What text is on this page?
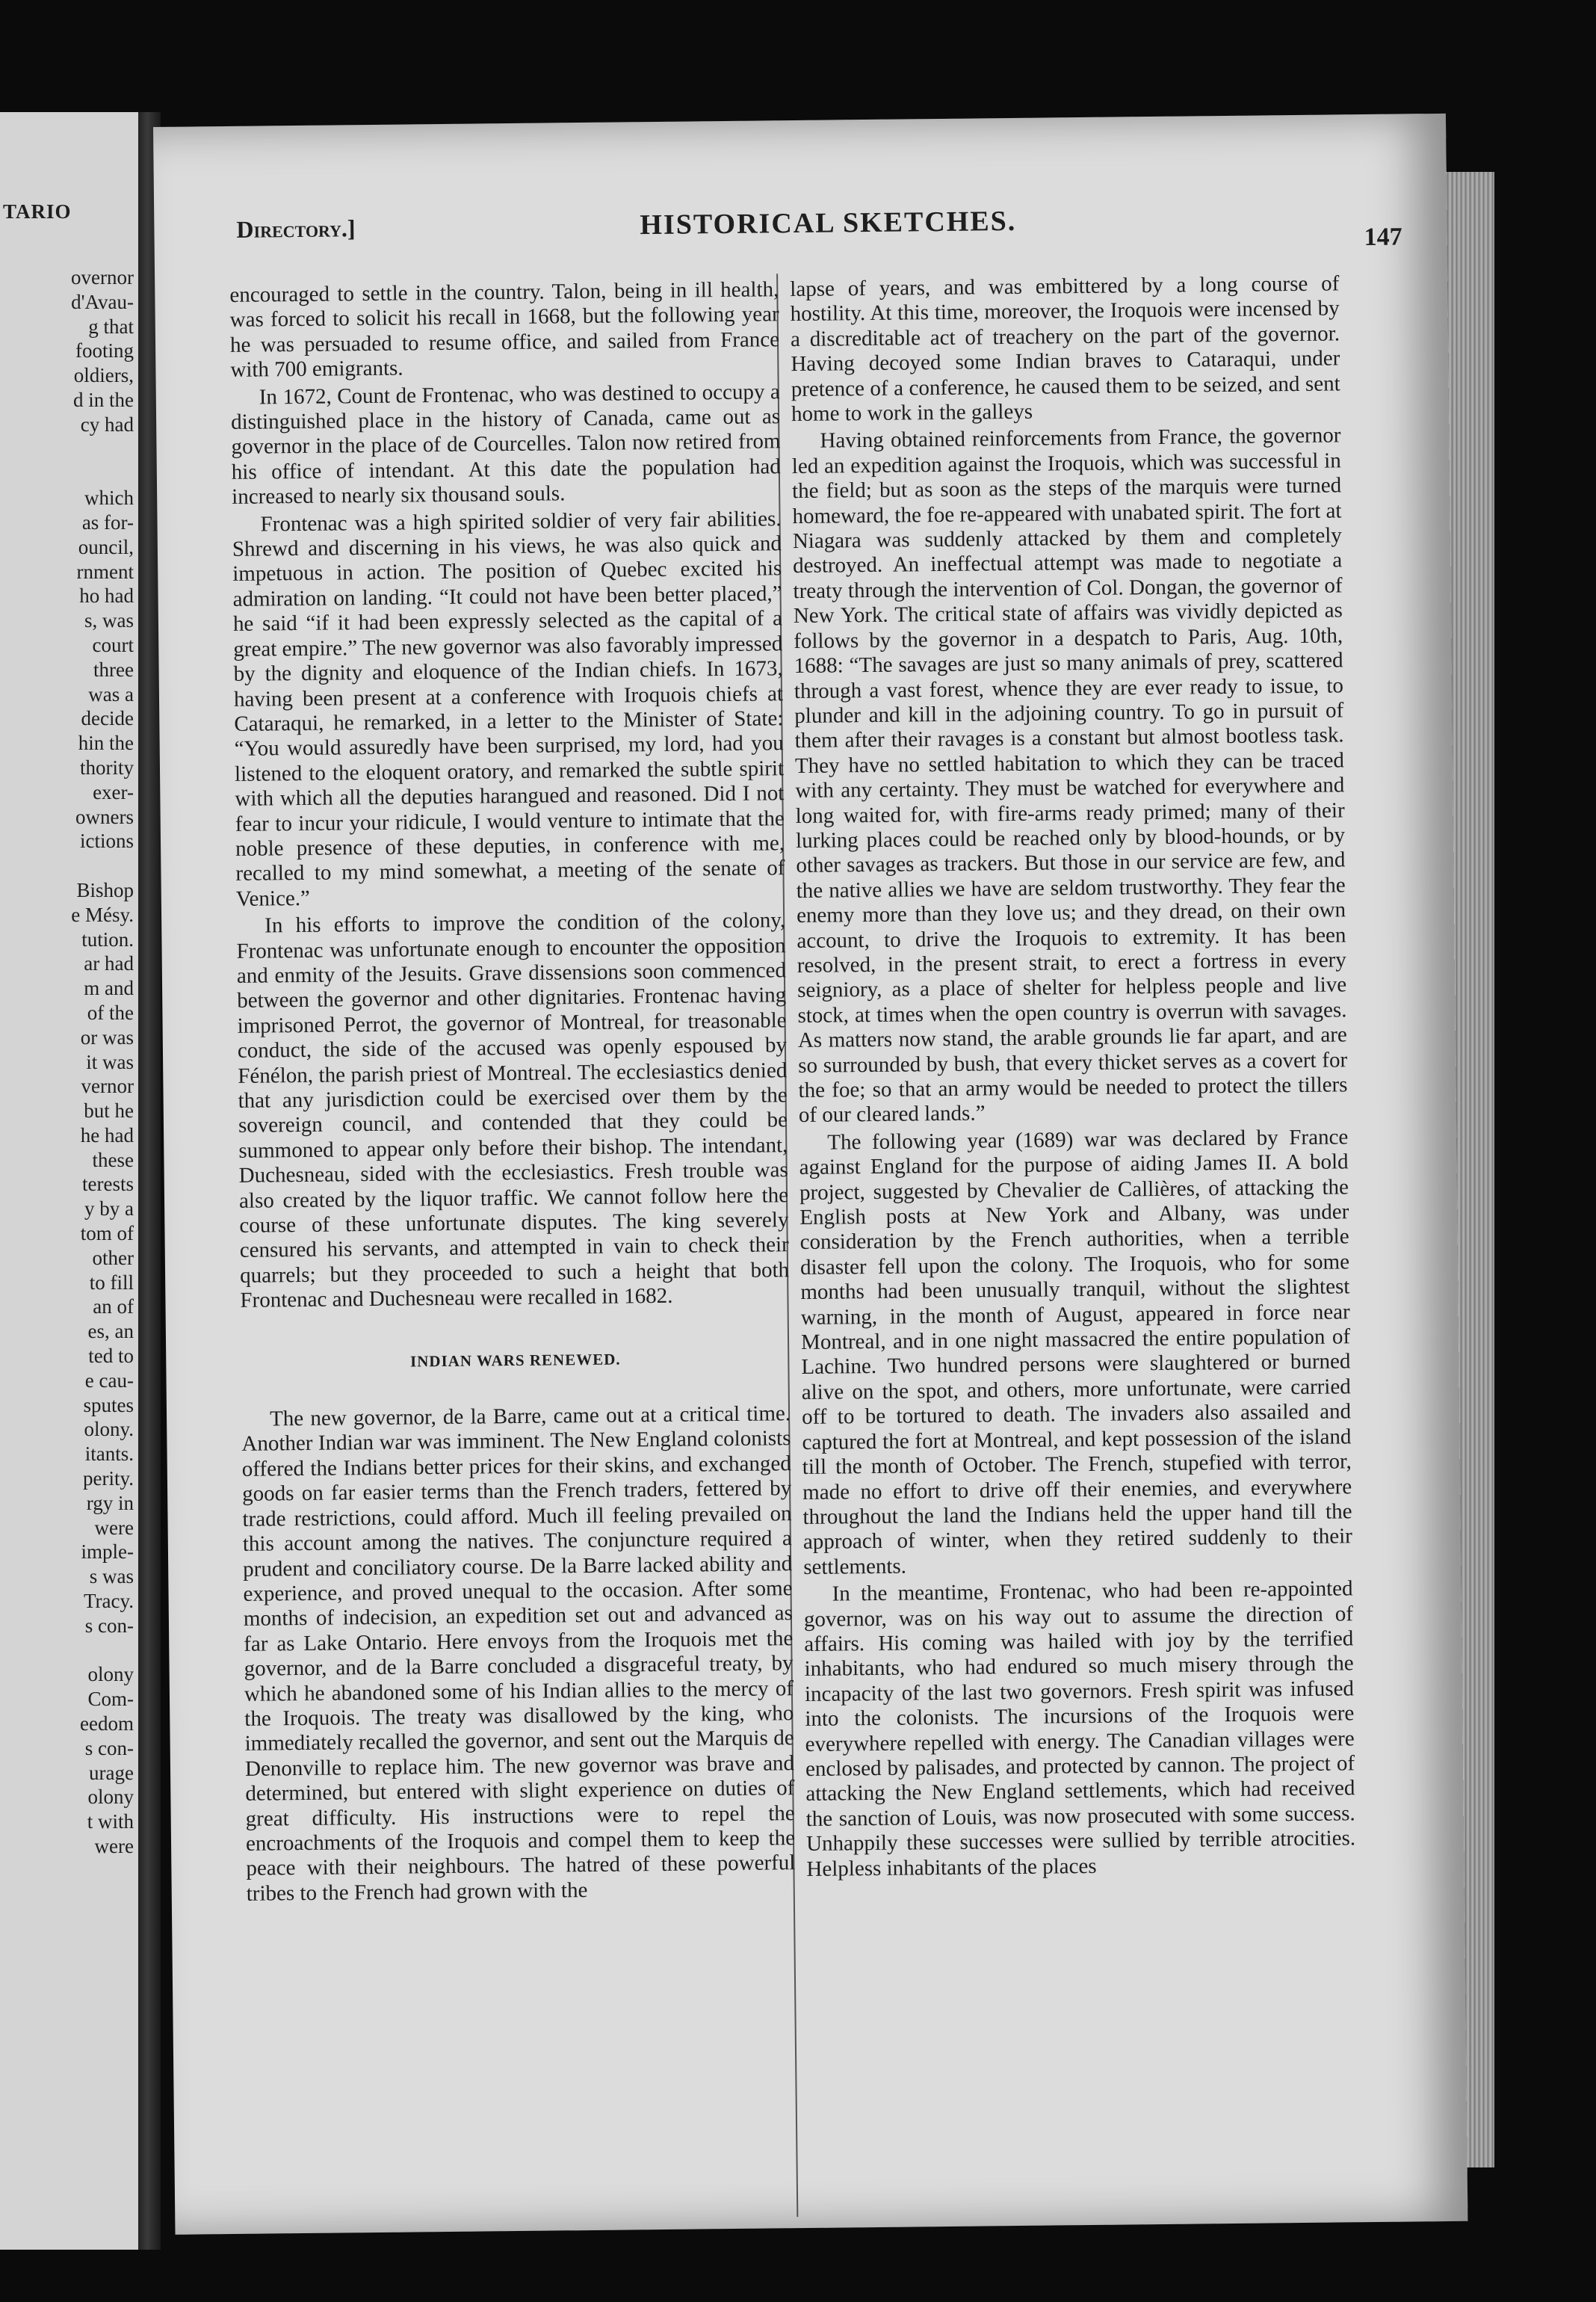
TARIO
overnor
d'Avau-
g that
footing
oldiers,
d in the
cy had
which
as for-
ouncil,
rnment
ho had
s, was
court
three
was a
decide
hin the
thority
exer-
owners
ictions
Bishop
e Mésy.
tution.
ar had
m and
of the
or was
it was
vernor
but he
he had
these
terests
y by a
tom of
other
to fill
an of
es, an
ted to
e cau-
sputes
olony.
itants.
perity.
rgy in
were
imple-
s was
Tracy.
s con-
olony
Com-
eedom
s con-
urage
olony
t with
were
Directory.]	HISTORICAL SKETCHES.	147

encouraged to settle in the country. Talon, being in ill health, was forced to solicit his recall in 1668, but the following year he was persuaded to resume office, and sailed from France with 700 emigrants.

In 1672, Count de Frontenac, who was destined to occupy a distinguished place in the history of Canada, came out as governor in the place of de Courcelles. Talon now retired from his office of intendant. At this date the population had increased to nearly six thousand souls.

Frontenac was a high spirited soldier of very fair abilities. Shrewd and discerning in his views, he was also quick and impetuous in action. The position of Quebec excited his admiration on landing. “It could not have been better placed,” he said “if it had been expressly selected as the capital of a great empire.” The new governor was also favorably impressed by the dignity and eloquence of the Indian chiefs. In 1673, having been present at a conference with Iroquois chiefs at Cataraqui, he remarked, in a letter to the Minister of State: “You would assuredly have been surprised, my lord, had you listened to the eloquent oratory, and remarked the subtle spirit with which all the deputies harangued and reasoned. Did I not fear to incur your ridicule, I would venture to intimate that the noble presence of these deputies, in conference with me, recalled to my mind somewhat, a meeting of the senate of Venice.”

In his efforts to improve the condition of the colony, Frontenac was unfortunate enough to encounter the opposition and enmity of the Jesuits. Grave dissensions soon commenced between the governor and other dignitaries. Frontenac having imprisoned Perrot, the governor of Montreal, for treasonable conduct, the side of the accused was openly espoused by Fénélon, the parish priest of Montreal. The ecclesiastics denied that any jurisdiction could be exercised over them by the sovereign council, and contended that they could be summoned to appear only before their bishop. The intendant, Duchesneau, sided with the ecclesiastics. Fresh trouble was also created by the liquor traffic. We cannot follow here the course of these unfortunate disputes. The king severely censured his servants, and attempted in vain to check their quarrels; but they proceeded to such a height that both Frontenac and Duchesneau were recalled in 1682.

INDIAN WARS RENEWED.

The new governor, de la Barre, came out at a critical time. Another Indian war was imminent. The New England colonists offered the Indians better prices for their skins, and exchanged goods on far easier terms than the French traders, fettered by trade restrictions, could afford. Much ill feeling prevailed on this account among the natives. The conjuncture required a prudent and conciliatory course. De la Barre lacked ability and experience, and proved unequal to the occasion. After some months of indecision, an expedition set out and advanced as far as Lake Ontario. Here envoys from the Iroquois met the governor, and de la Barre concluded a disgraceful treaty, by which he abandoned some of his Indian allies to the mercy of the Iroquois. The treaty was disallowed by the king, who immediately recalled the governor, and sent out the Marquis de Denonville to replace him. The new governor was brave and determined, but entered with slight experience on duties of great difficulty. His instructions were to repel the encroachments of the Iroquois and compel them to keep the peace with their neighbours. The hatred of these powerful tribes to the French had grown with the

lapse of years, and was embittered by a long course of hostility. At this time, moreover, the Iroquois were incensed by a discreditable act of treachery on the part of the governor. Having decoyed some Indian braves to Cataraqui, under pretence of a conference, he caused them to be seized, and sent home to work in the galleys

Having obtained reinforcements from France, the governor led an expedition against the Iroquois, which was successful in the field; but as soon as the steps of the marquis were turned homeward, the foe re-appeared with unabated spirit. The fort at Niagara was suddenly attacked by them and completely destroyed. An ineffectual attempt was made to negotiate a treaty through the intervention of Col. Dongan, the governor of New York. The critical state of affairs was vividly depicted as follows by the governor in a despatch to Paris, Aug. 10th, 1688: “The savages are just so many animals of prey, scattered through a vast forest, whence they are ever ready to issue, to plunder and kill in the adjoining country. To go in pursuit of them after their ravages is a constant but almost bootless task. They have no settled habitation to which they can be traced with any certainty. They must be watched for everywhere and long waited for, with fire-arms ready primed; many of their lurking places could be reached only by blood-hounds, or by other savages as trackers. But those in our service are few, and the native allies we have are seldom trustworthy. They fear the enemy more than they love us; and they dread, on their own account, to drive the Iroquois to extremity. It has been resolved, in the present strait, to erect a fortress in every seigniory, as a place of shelter for helpless people and live stock, at times when the open country is overrun with savages. As matters now stand, the arable grounds lie far apart, and are so surrounded by bush, that every thicket serves as a covert for the foe; so that an army would be needed to protect the tillers of our cleared lands.”

The following year (1689) war was declared by France against England for the purpose of aiding James II. A bold project, suggested by Chevalier de Callières, of attacking the English posts at New York and Albany, was under consideration by the French authorities, when a terrible disaster fell upon the colony. The Iroquois, who for some months had been unusually tranquil, without the slightest warning, in the month of August, appeared in force near Montreal, and in one night massacred the entire population of Lachine. Two hundred persons were slaughtered or burned alive on the spot, and others, more unfortunate, were carried off to be tortured to death. The invaders also assailed and captured the fort at Montreal, and kept possession of the island till the month of October. The French, stupefied with terror, made no effort to drive off their enemies, and everywhere throughout the land the Indians held the upper hand till the approach of winter, when they retired suddenly to their settlements.

In the meantime, Frontenac, who had been re-appointed governor, was on his way out to assume the direction of affairs. His coming was hailed with joy by the terrified inhabitants, who had endured so much misery through the incapacity of the last two governors. Fresh spirit was infused into the colonists. The incursions of the Iroquois were everywhere repelled with energy. The Canadian villages were enclosed by palisades, and protected by cannon. The project of attacking the New England settlements, which had received the sanction of Louis, was now prosecuted with some success. Unhappily these successes were sullied by terrible atrocities. Helpless inhabitants of the places
